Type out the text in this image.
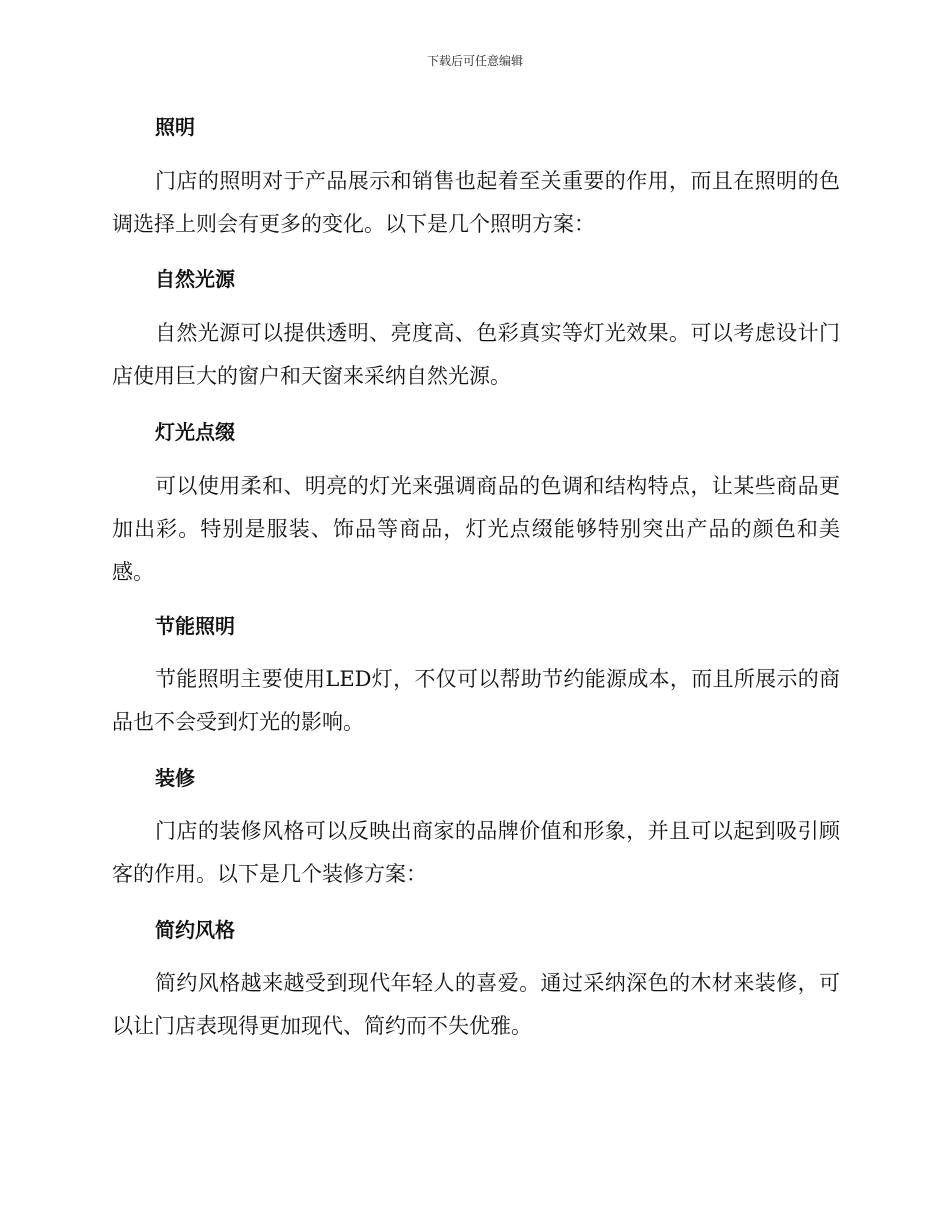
下载后可任意编辑
照明
门店的照明对于产品展示和销售也起着至关重要的作用，而且在照明的色调选择上则会有更多的变化。以下是几个照明方案：
自然光源
自然光源可以提供透明、亮度高、色彩真实等灯光效果。可以考虑设计门店使用巨大的窗户和天窗来采纳自然光源。
灯光点缀
可以使用柔和、明亮的灯光来强调商品的色调和结构特点，让某些商品更加出彩。特别是服装、饰品等商品，灯光点缀能够特别突出产品的颜色和美感。
节能照明
节能照明主要使用LED灯，不仅可以帮助节约能源成本，而且所展示的商品也不会受到灯光的影响。
装修
门店的装修风格可以反映出商家的品牌价值和形象，并且可以起到吸引顾客的作用。以下是几个装修方案：
简约风格
简约风格越来越受到现代年轻人的喜爱。通过采纳深色的木材来装修，可以让门店表现得更加现代、简约而不失优雅。
